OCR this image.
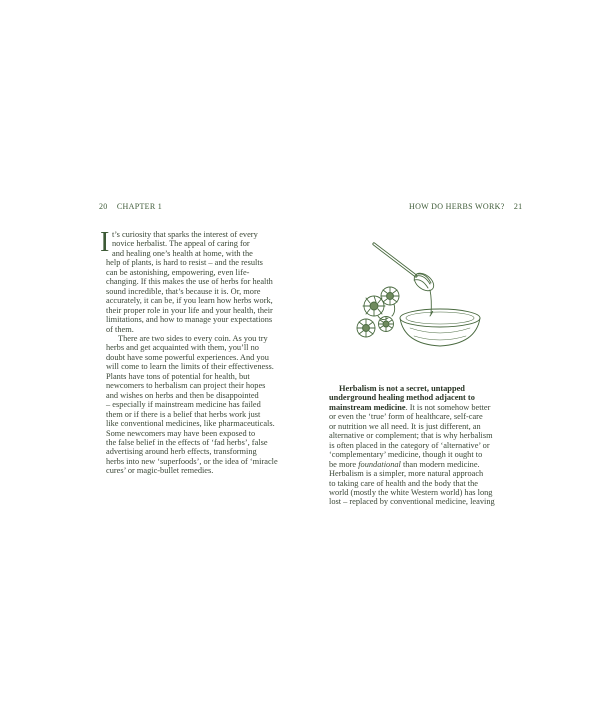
20 CHAPTER 1	HOW DO HERBS WORK? 21
I t’s curiosity that sparks the interest of every
novice herbalist. The appeal of caring for
and healing one’s health at home, with the
help of plants, is hard to resist – and the results
can be astonishing, empowering, even life-
changing. If this makes the use of herbs for health
sound incredible, that’s because it is. Or, more
accurately, it can be, if you learn how herbs work,
their proper role in your life and your health, their
limitations, and how to manage your expectations
of them.
There are two sides to every coin. As you try
herbs and get acquainted with them, you’ll no
doubt have some powerful experiences. And you
will come to learn the limits of their effectiveness.
Plants have tons of potential for health, but
newcomers to herbalism can project their hopes
and wishes on herbs and then be disappointed
– especially if mainstream medicine has failed
them or if there is a belief that herbs work just
like conventional medicines, like pharmaceuticals.
Some newcomers may have been exposed to
the false belief in the effects of ‘fad herbs’, false
advertising around herb effects, transforming
herbs into new ‘superfoods’, or the idea of ‘miracle
cures’ or magic-bullet remedies.
Herbalism is not a secret, untapped
underground healing method adjacent to
mainstream medicine. It is not somehow better
or even the ‘true’ form of healthcare, self-care
or nutrition we all need. It is just different, an
alternative or complement; that is why herbalism
is often placed in the category of ‘alternative’ or
‘complementary’ medicine, though it ought to
be more foundational than modern medicine.
Herbalism is a simpler, more natural approach
to taking care of health and the body that the
world (mostly the white Western world) has long
lost – replaced by conventional medicine, leaving
